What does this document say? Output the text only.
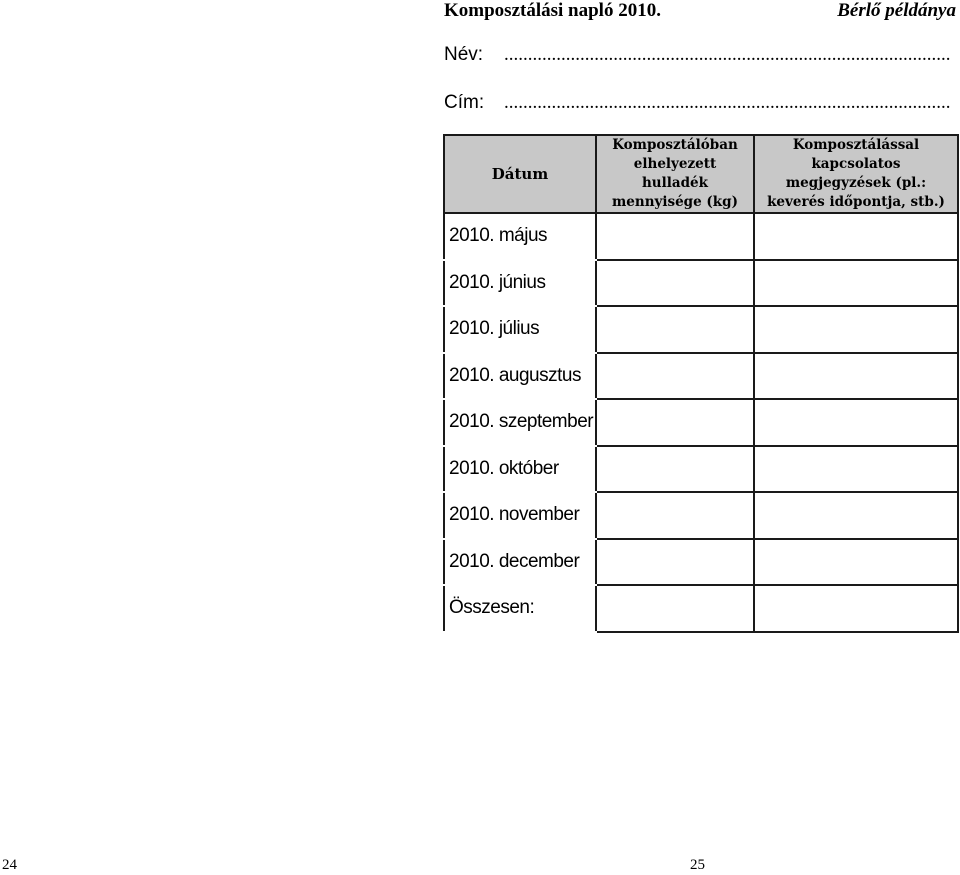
Komposztálási napló 2010.	Bérlő példánya
Név: ..............................................................................................
Cím: ..............................................................................................
Dátum	Komposztálóban elhelyezett hulladék mennyisége (kg)	Komposztálással kapcsolatos megjegyzések (pl.: keverés időpontja, stb.)
2010. május		
2010. június		
2010. július		
2010. augusztus		
2010. szeptember		
2010. október		
2010. november		
2010. december		
Összesen:		
24	25
